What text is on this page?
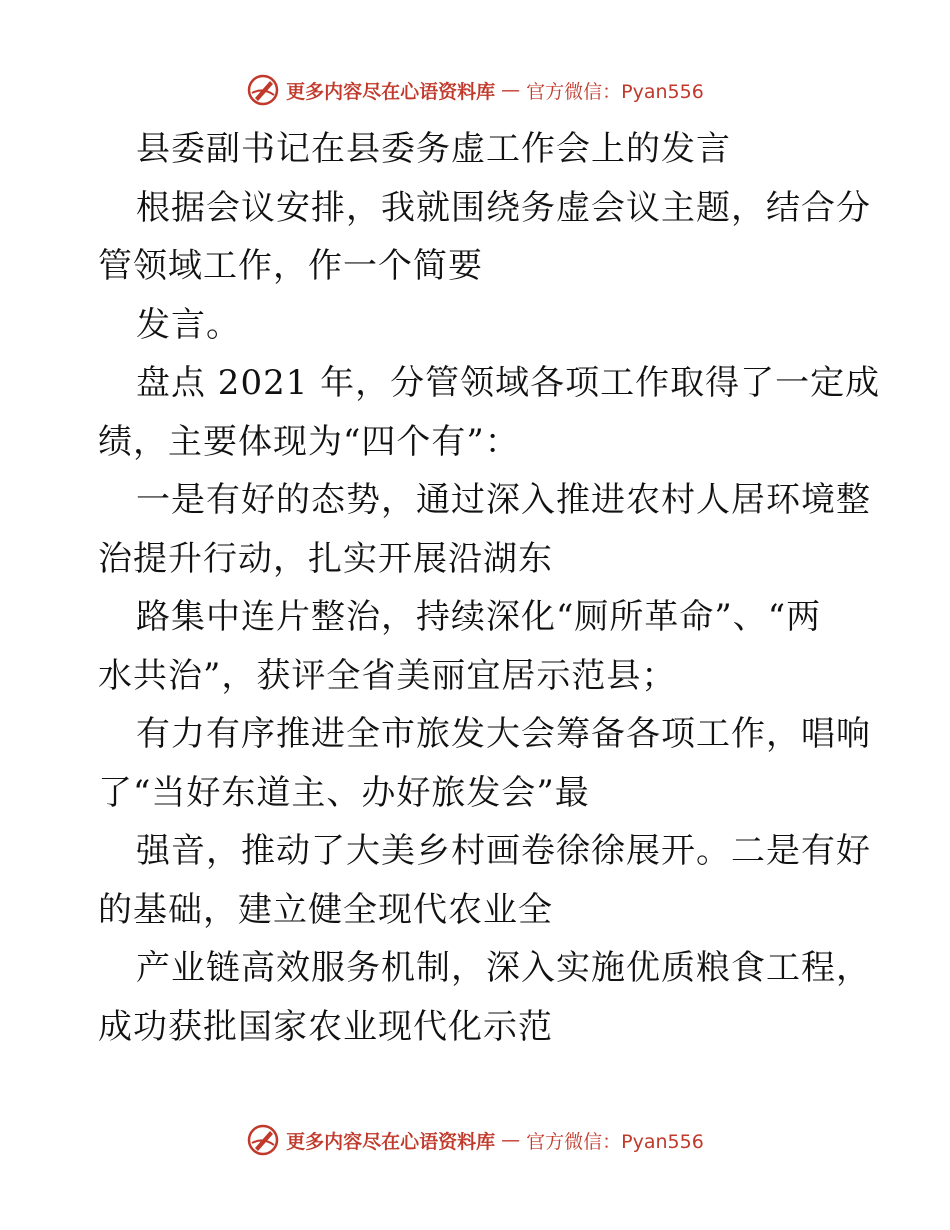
更多内容尽在心语资料库 — 官方微信：Pyan556
县委副书记在县委务虚工作会上的发言
根据会议安排，我就围绕务虚会议主题，结合分
管领域工作，作一个简要
发言。
盘点 2021 年，分管领域各项工作取得了一定成
绩，主要体现为“四个有”：
一是有好的态势，通过深入推进农村人居环境整
治提升行动，扎实开展沿湖东
路集中连片整治，持续深化“厕所革命”、“两
水共治”，获评全省美丽宜居示范县；
有力有序推进全市旅发大会筹备各项工作，唱响
了“当好东道主、办好旅发会”最
强音，推动了大美乡村画卷徐徐展开。二是有好
的基础，建立健全现代农业全
产业链高效服务机制，深入实施优质粮食工程，
成功获批国家农业现代化示范
更多内容尽在心语资料库 — 官方微信：Pyan556
